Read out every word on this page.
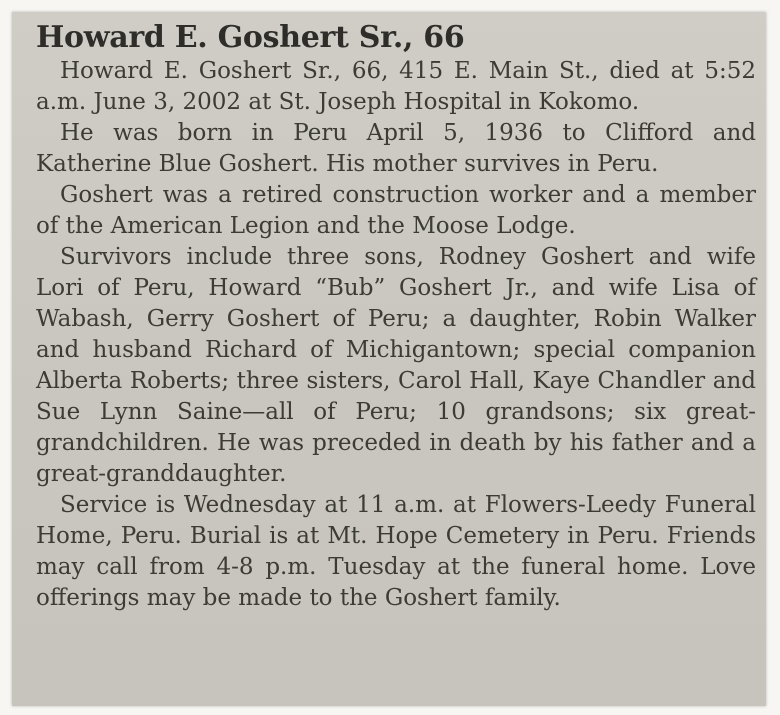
Howard E. Goshert Sr., 66

Howard E. Goshert Sr., 66, 415 E. Main St., died at 5:52 a.m. June 3, 2002 at St. Joseph Hospital in Kokomo.

He was born in Peru April 5, 1936 to Clifford and Katherine Blue Goshert. His mother survives in Peru.

Goshert was a retired construction worker and a member of the American Legion and the Moose Lodge.

Survivors include three sons, Rodney Goshert and wife Lori of Peru, Howard “Bub” Goshert Jr., and wife Lisa of Wabash, Gerry Goshert of Peru; a daughter, Robin Walker and husband Richard of Michigantown; special companion Alberta Roberts; three sisters, Carol Hall, Kaye Chandler and Sue Lynn Saine—all of Peru; 10 grandsons; six great-grandchildren. He was preceded in death by his father and a great-granddaughter.

Service is Wednesday at 11 a.m. at Flowers-Leedy Funeral Home, Peru. Burial is at Mt. Hope Cemetery in Peru. Friends may call from 4-8 p.m. Tuesday at the funeral home. Love offerings may be made to the Goshert family.
